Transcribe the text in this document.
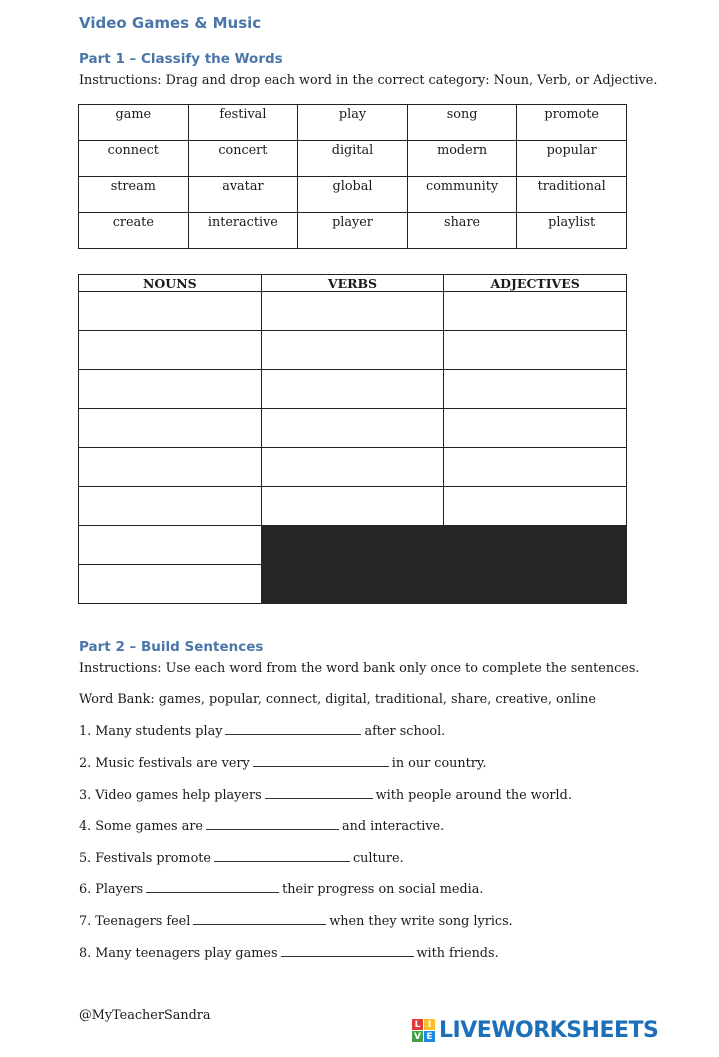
Video Games & Music
Part 1 – Classify the Words
Instructions: Drag and drop each word in the correct category: Noun, Verb, or Adjective.
game	festival	play	song	promote
connect	concert	digital	modern	popular
stream	avatar	global	community	traditional
create	interactive	player	share	playlist
NOUNS	VERBS	ADJECTIVES

Part 2 – Build Sentences
Instructions: Use each word from the word bank only once to complete the sentences.
Word Bank: games, popular, connect, digital, traditional, share, creative, online
1. Many students play	after school.
2. Music festivals are very	in our country.
3. Video games help players	with people around the world.
4. Some games are	and interactive.
5. Festivals promote	culture.
6. Players	their progress on social media.
7. Teenagers feel	when they write song lyrics.
8. Many teenagers play games	with friends.
@MyTeacherSandra
L I
V E LIVEWORKSHEETS
